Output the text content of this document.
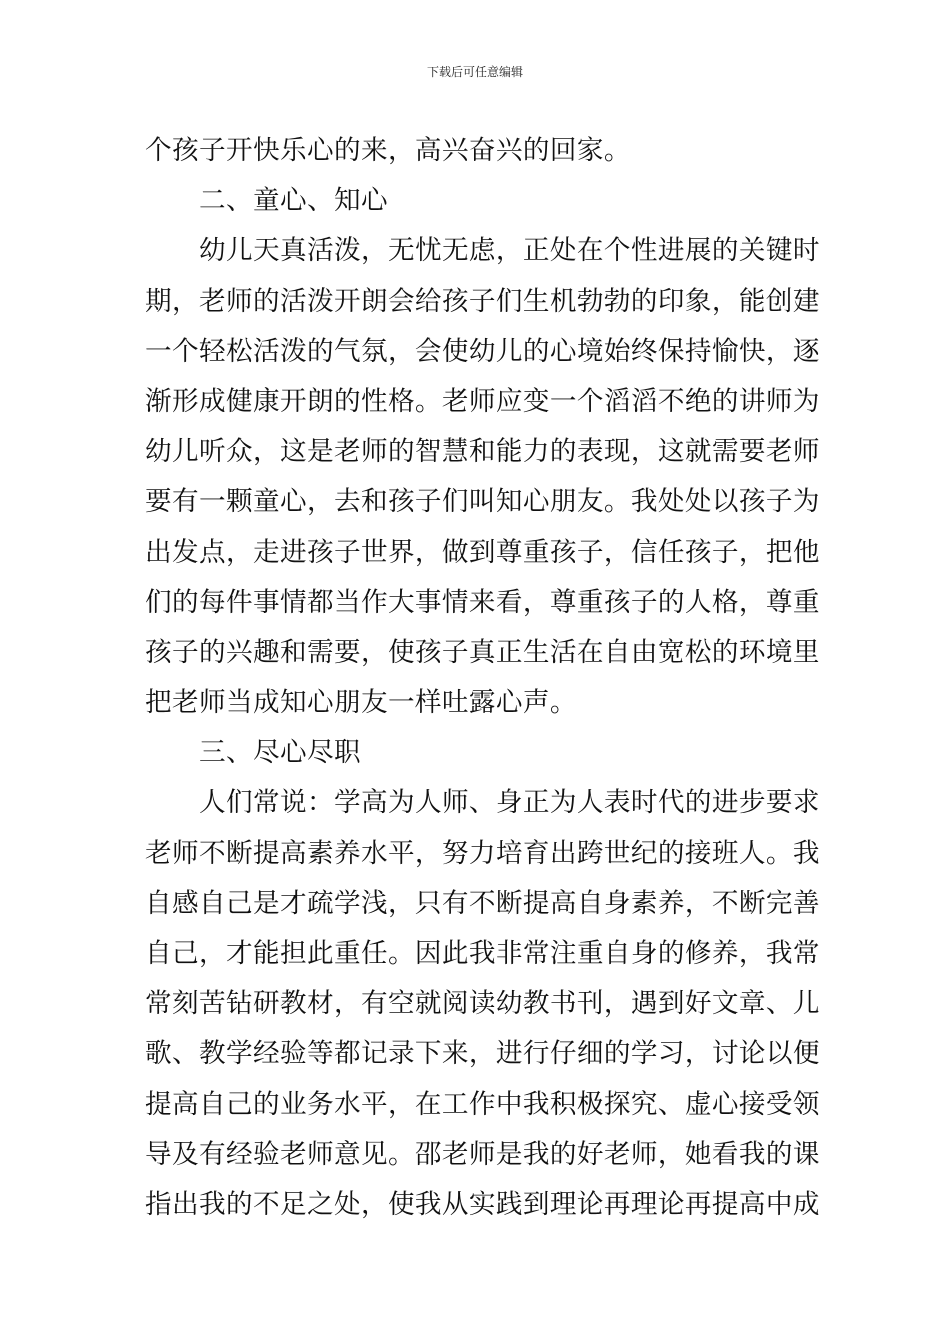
下载后可任意编辑
个孩子开快乐心的来，高兴奋兴的回家。
二、童心、知心
幼儿天真活泼，无忧无虑，正处在个性进展的关键时
期，老师的活泼开朗会给孩子们生机勃勃的印象，能创建
一个轻松活泼的气氛，会使幼儿的心境始终保持愉快，逐
渐形成健康开朗的性格。老师应变一个滔滔不绝的讲师为
幼儿听众，这是老师的智慧和能力的表现，这就需要老师
要有一颗童心，去和孩子们叫知心朋友。我处处以孩子为
出发点，走进孩子世界，做到尊重孩子，信任孩子，把他
们的每件事情都当作大事情来看，尊重孩子的人格，尊重
孩子的兴趣和需要，使孩子真正生活在自由宽松的环境里
把老师当成知心朋友一样吐露心声。
三、尽心尽职
人们常说：学高为人师、身正为人表时代的进步要求
老师不断提高素养水平，努力培育出跨世纪的接班人。我
自感自己是才疏学浅，只有不断提高自身素养，不断完善
自己，才能担此重任。因此我非常注重自身的修养，我常
常刻苦钻研教材，有空就阅读幼教书刊，遇到好文章、儿
歌、教学经验等都记录下来，进行仔细的学习，讨论以便
提高自己的业务水平，在工作中我积极探究、虚心接受领
导及有经验老师意见。邵老师是我的好老师，她看我的课
指出我的不足之处，使我从实践到理论再理论再提高中成
